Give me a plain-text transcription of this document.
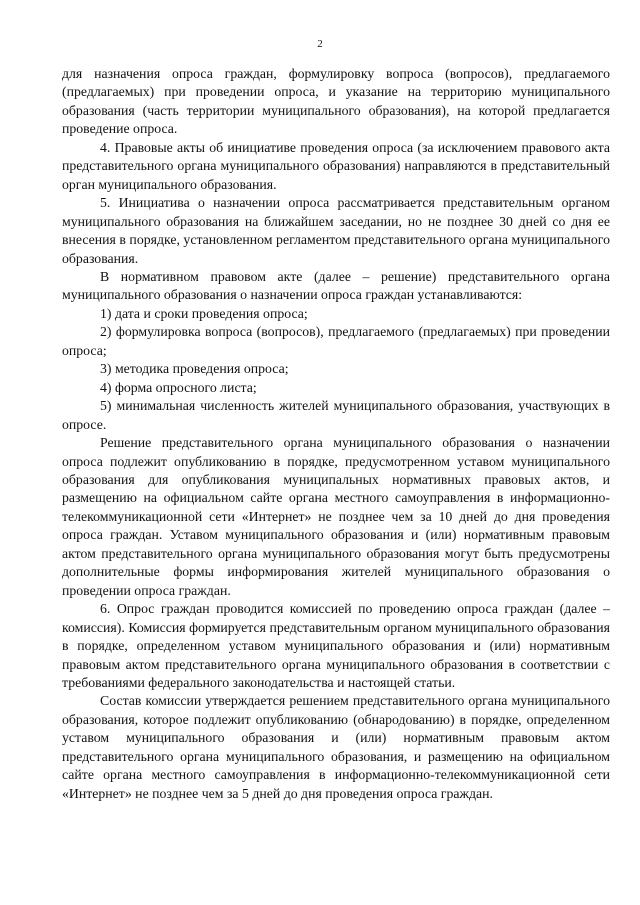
2

для назначения опроса граждан, формулировку вопроса (вопросов), предлагаемого (предлагаемых) при проведении опроса, и указание на территорию муниципального образования (часть территории муниципального образования), на которой предлагается проведение опроса.

4. Правовые акты об инициативе проведения опроса (за исключением правового акта представительного органа муниципального образования) направляются в представительный орган муниципального образования.

5. Инициатива о назначении опроса рассматривается представительным органом муниципального образования на ближайшем заседании, но не позднее 30 дней со дня ее внесения в порядке, установленном регламентом представительного органа муниципального образования.

В нормативном правовом акте (далее – решение) представительного органа муниципального образования о назначении опроса граждан устанавливаются:

1) дата и сроки проведения опроса;

2) формулировка вопроса (вопросов), предлагаемого (предлагаемых) при проведении опроса;

3) методика проведения опроса;

4) форма опросного листа;

5) минимальная численность жителей муниципального образования, участвующих в опросе.

Решение представительного органа муниципального образования о назначении опроса подлежит опубликованию в порядке, предусмотренном уставом муниципального образования для опубликования муниципальных нормативных правовых актов, и размещению на официальном сайте органа местного самоуправления в информационно-телекоммуникационной сети «Интернет» не позднее чем за 10 дней до дня проведения опроса граждан. Уставом муниципального образования и (или) нормативным правовым актом представительного органа муниципального образования могут быть предусмотрены дополнительные формы информирования жителей муниципального образования о проведении опроса граждан.

6. Опрос граждан проводится комиссией по проведению опроса граждан (далее – комиссия). Комиссия формируется представительным органом муниципального образования в порядке, определенном уставом муниципального образования и (или) нормативным правовым актом представительного органа муниципального образования в соответствии с требованиями федерального законодательства и настоящей статьи.

Состав комиссии утверждается решением представительного органа муниципального образования, которое подлежит опубликованию (обнародованию) в порядке, определенном уставом муниципального образования и (или) нормативным правовым актом представительного органа муниципального образования, и размещению на официальном сайте органа местного самоуправления в информационно-телекоммуникационной сети «Интернет» не позднее чем за 5 дней до дня проведения опроса граждан.
